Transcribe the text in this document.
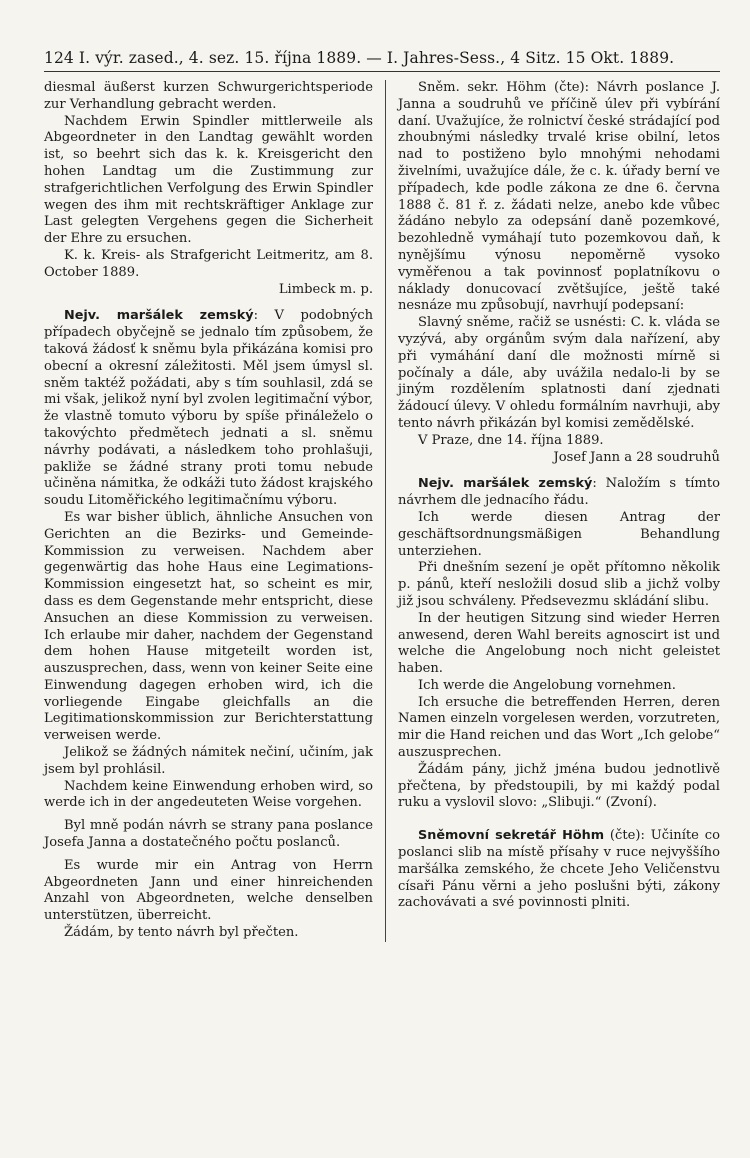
124 I. výr. zased., 4. sez. 15. října 1889. — I. Jahres-Sess., 4 Sitz. 15 Okt. 1889.

diesmal äußerst kurzen Schwurgerichtsperiode zur Verhandlung gebracht werden.

Nachdem Erwin Spindler mittlerweile als Abgeordneter in den Landtag gewählt worden ist, so beehrt sich das k. k. Kreisgericht den hohen Landtag um die Zustimmung zur strafgerichtlichen Verfolgung des Erwin Spindler wegen des ihm mit rechtskräftiger Anklage zur Last gelegten Vergehens gegen die Sicherheit der Ehre zu ersuchen.

K. k. Kreis- als Strafgericht Leitmeritz, am 8. October 1889.

Limbeck m. p.

Nejv. maršálek zemský: V podobných případech obyčejně se jednalo tím způsobem, že taková žádosť k sněmu byla přikázána komisi pro obecní a okresní záležitosti. Měl jsem úmysl sl. sněm taktéž požádati, aby s tím souhlasil, zdá se mi však, jelikož nyní byl zvolen legitimační výbor, že vlastně tomuto výboru by spíše přináleželo o takovýchto předmětech jednati a sl. sněmu návrhy podávati, a následkem toho prohlašuji, pakliže se žádné strany proti tomu nebude učiněna námitka, že odkáži tuto žádost krajského soudu Litoměřického legitimačnímu výboru.

Es war bisher üblich, ähnliche Ansuchen von Gerichten an die Bezirks- und Gemeinde-Kommission zu verweisen. Nachdem aber gegenwärtig das hohe Haus eine Legimations-Kommission eingesetzt hat, so scheint es mir, dass es dem Gegenstande mehr entspricht, diese Ansuchen an diese Kommission zu verweisen. Ich erlaube mir daher, nachdem der Gegenstand dem hohen Hause mitgeteilt worden ist, auszusprechen, dass, wenn von keiner Seite eine Einwendung dagegen erhoben wird, ich die vorliegende Eingabe gleichfalls an die Legitimationskommission zur Berichterstattung verweisen werde.

Jelikož se žádných námitek nečiní, učiním, jak jsem byl prohlásil.

Nachdem keine Einwendung erhoben wird, so werde ich in der angedeuteten Weise vorgehen.

Byl mně podán návrh se strany pana poslance Josefa Janna a dostatečného počtu poslanců.

Es wurde mir ein Antrag von Herrn Abgeordneten Jann und einer hinreichenden Anzahl von Abgeordneten, welche denselben unterstützen, überreicht.

Žádám, by tento návrh byl přečten.

Sněm. sekr. Höhm (čte): Návrh poslance J. Janna a soudruhů ve příčině úlev při vybírání daní. Uvažujíce, že rolnictví české strádající pod zhoubnými následky trvalé krise obilní, letos nad to postiženo bylo mnohými nehodami živelními, uvažujíce dále, že c. k. úřady berní ve případech, kde podle zákona ze dne 6. června 1888 č. 81 ř. z. žádati nelze, anebo kde vůbec žádáno nebylo za odepsání daně pozemkové, bezohledně vymáhají tuto pozemkovou daň, k nynějšímu výnosu nepoměrně vysoko vyměřenou a tak povinnosť poplatníkovu o náklady donucovací zvětšujíce, ještě také nesnáze mu způsobují, navrhují podepsaní:

Slavný sněme, račiž se usnésti: C. k. vláda se vyzývá, aby orgánům svým dala nařízení, aby při vymáhání daní dle možnosti mírně si počínaly a dále, aby uvážila nedalo-li by se jiným rozdělením splatnosti daní zjednati žádoucí úlevy. V ohledu formálním navrhuji, aby tento návrh přikázán byl komisi zemědělské.

V Praze, dne 14. října 1889.

Josef Jann a 28 soudruhů

Nejv. maršálek zemský: Naložím s tímto návrhem dle jednacího řádu.

Ich werde diesen Antrag der geschäftsordnungsmäßigen Behandlung unterziehen.

Při dnešním sezení je opět přítomno několik p. pánů, kteří nesložili dosud slib a jichž volby již jsou schváleny. Předsevezmu skládání slibu.

In der heutigen Sitzung sind wieder Herren anwesend, deren Wahl bereits agnoscirt ist und welche die Angelobung noch nicht geleistet haben.

Ich werde die Angelobung vornehmen.

Ich ersuche die betreffenden Herren, deren Namen einzeln vorgelesen werden, vorzutreten, mir die Hand reichen und das Wort „Ich gelobe“ auszusprechen.

Žádám pány, jichž jména budou jednotlivě přečtena, by předstoupili, by mi každý podal ruku a vyslovil slovo: „Slibuji.“ (Zvoní).

Sněmovní sekretář Höhm (čte): Učiníte co poslanci slib na místě přísahy v ruce nejvyššího maršálka zemského, že chcete Jeho Veličenstvu císaři Pánu věrni a jeho poslušni býti, zákony zachovávati a své povinnosti plniti.
